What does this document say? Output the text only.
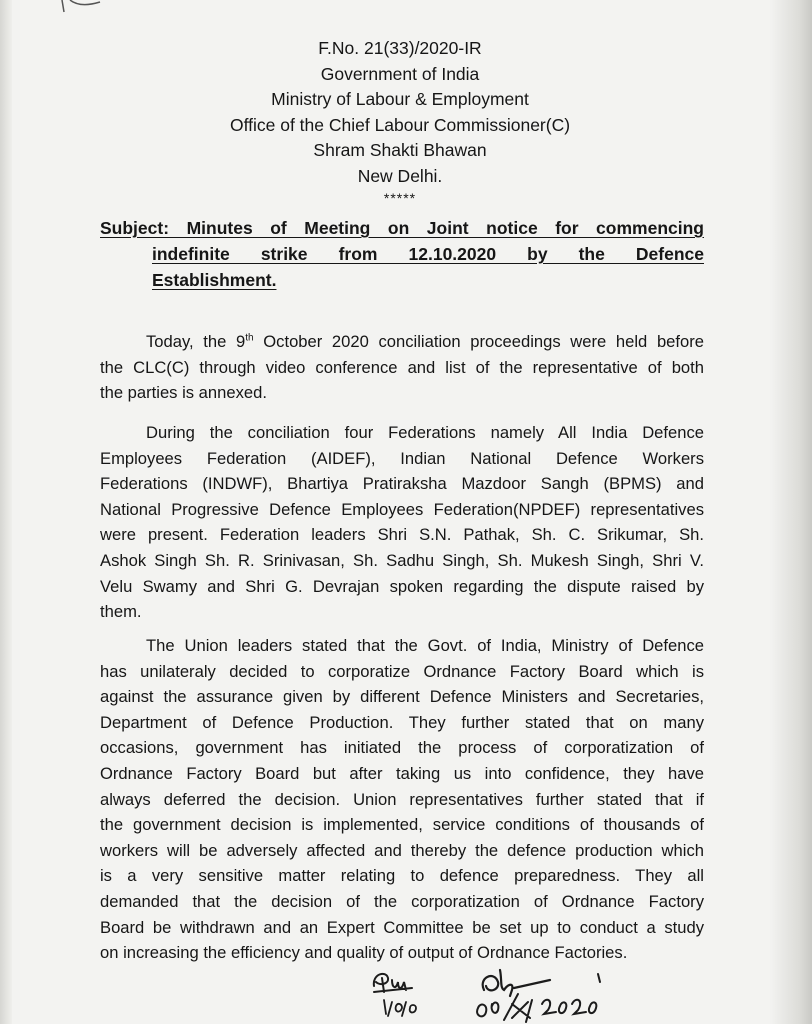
F.No. 21(33)/2020-IR
Government of India
Ministry of Labour & Employment
Office of the Chief Labour Commissioner(C)
Shram Shakti Bhawan
New Delhi.
*****
Subject: Minutes of Meeting on Joint notice for commencing
indefinite strike from 12.10.2020 by the Defence
Establishment.
Today, the 9th October 2020 conciliation proceedings were held before
the CLC(C) through video conference and list of the representative of both
the parties is annexed.
During the conciliation four Federations namely All India Defence
Employees Federation (AIDEF), Indian National Defence Workers
Federations (INDWF), Bhartiya Pratiraksha Mazdoor Sangh (BPMS) and
National Progressive Defence Employees Federation(NPDEF) representatives
were present. Federation leaders Shri S.N. Pathak, Sh. C. Srikumar, Sh.
Ashok Singh Sh. R. Srinivasan, Sh. Sadhu Singh, Sh. Mukesh Singh, Shri V.
Velu Swamy and Shri G. Devrajan spoken regarding the dispute raised by
them.
The Union leaders stated that the Govt. of India, Ministry of Defence
has unilateraly decided to corporatize Ordnance Factory Board which is
against the assurance given by different Defence Ministers and Secretaries,
Department of Defence Production. They further stated that on many
occasions, government has initiated the process of corporatization of
Ordnance Factory Board but after taking us into confidence, they have
always deferred the decision. Union representatives further stated that if
the government decision is implemented, service conditions of thousands of
workers will be adversely affected and thereby the defence production which
is a very sensitive matter relating to defence preparedness. They all
demanded that the decision of the corporatization of Ordnance Factory
Board be withdrawn and an Expert Committee be set up to conduct a study
on increasing the efficiency and quality of output of Ordnance Factories.
